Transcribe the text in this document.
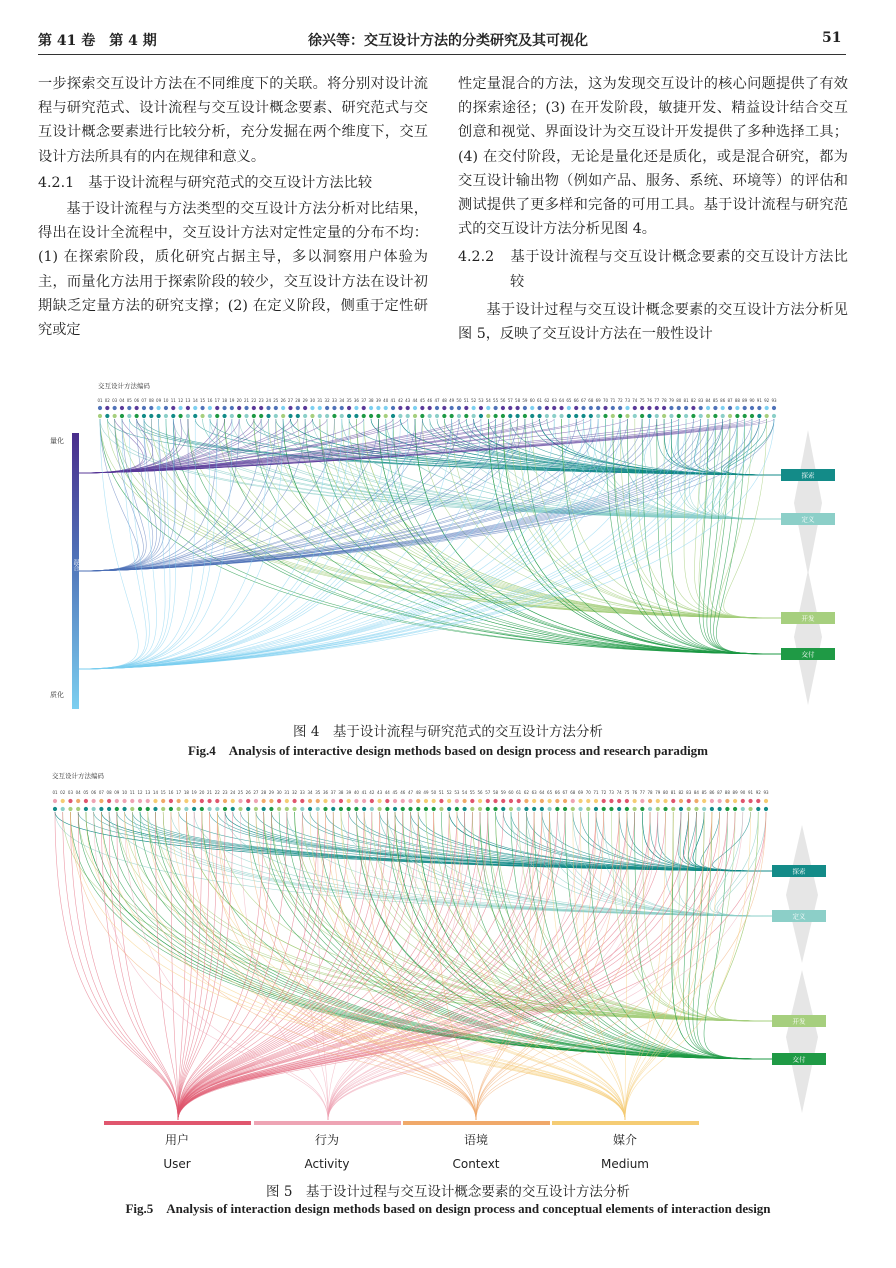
第 41 卷　第 4 期	徐兴等：交互设计方法的分类研究及其可视化	51

一步探索交互设计方法在不同维度下的关联。将分别对设计流程与研究范式、设计流程与交互设计概念要素、研究范式与交互设计概念要素进行比较分析，充分发掘在两个维度下，交互设计方法所具有的内在规律和意义。

4.2.1　基于设计流程与研究范式的交互设计方法比较

基于设计流程与方法类型的交互设计方法分析对比结果，得出在设计全流程中，交互设计方法对定性定量的分布不均：(1) 在探索阶段，质化研究占据主导，多以洞察用户体验为主，而量化方法用于探索阶段的较少，交互设计方法在设计初期缺乏定量方法的研究支撑；(2) 在定义阶段，侧重于定性研究或定

性定量混合的方法，这为发现交互设计的核心问题提供了有效的探索途径；(3) 在开发阶段，敏捷开发、精益设计结合交互创意和视觉、界面设计为交互设计开发提供了多种选择工具；(4) 在交付阶段，无论是量化还是质化，或是混合研究，都为交互设计输出物（例如产品、服务、系统、环境等）的评估和测试提供了更多样和完备的可用工具。基于设计流程与研究范式的交互设计方法分析见图 4。

4.2.2 基于设计流程与交互设计概念要素的交互设计方法比较

基于设计过程与交互设计概念要素的交互设计方法分析见图 5，反映了交互设计方法在一般性设计

交互设计方法编码
01 02 03 04 05 06 07 08 09 10 11 12 13 14 15 16 17 18 19 20 21 22 23 24 25 26 27 28 29 30 31 32 33 34 35 36 37 38 39 40 41 42 43 44 45 46 47 48 49 50 51 52 53 54 55 56 57 58 59 60 61 62 63 64 65 66 67 68 69 70 71 72 73 74 75 76 77 78 79 80 81 82 83 84 85 86 87 88 89 90 91 92 93
量化
混合
质化
探索
定义
开发
交付
图 4　基于设计流程与研究范式的交互设计方法分析
Fig.4　Analysis of interactive design methods based on design process and research paradigm
交互设计方法编码
01 02 03 04 05 06 07 08 09 10 11 12 13 14 15 16 17 18 19 20 21 22 23 24 25 26 27 28 29 30 31 32 33 34 35 36 37 38 39 40 41 42 43 44 45 46 47 48 49 50 51 52 53 54 55 56 57 58 59 60 61 62 63 64 65 66 67 68 69 70 71 72 73 74 75 76 77 78 79 80 81 82 83 84 85 86 87 88 89 90 91 92 93
探索
定义
开发
交付
用户
User
行为
Activity
语境
Context
媒介
Medium
图 5　基于设计过程与交互设计概念要素的交互设计方法分析
Fig.5　Analysis of interaction design methods based on design process and conceptual elements of interaction design
